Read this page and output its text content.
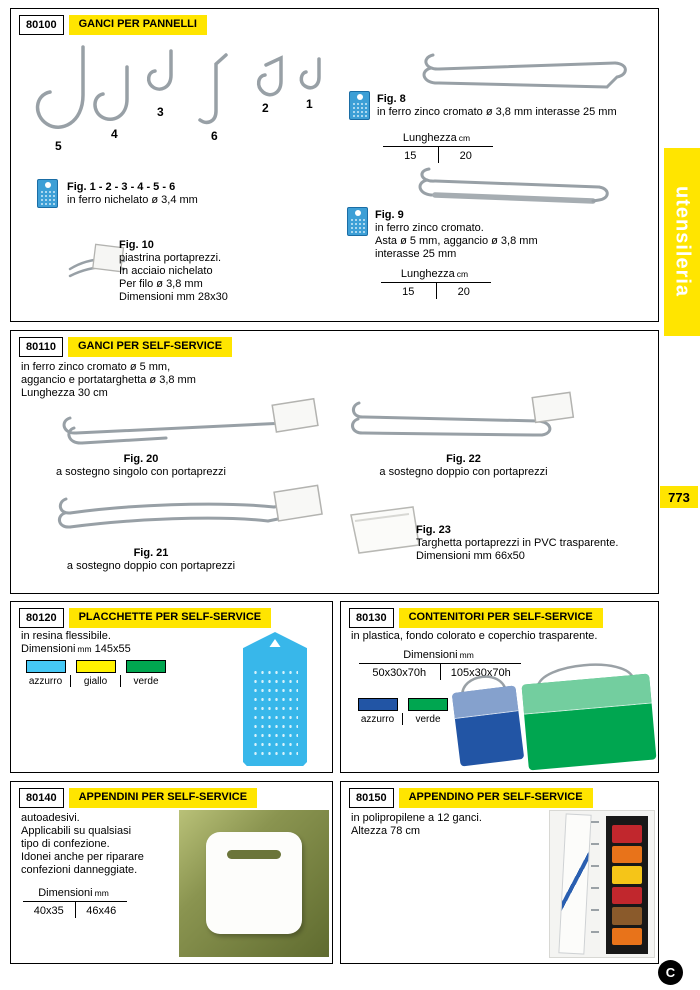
80100	GANCI PER PANNELLI
5
4
3
6
2	1
Fig. 1 - 2 - 3 - 4 - 5 - 6
in ferro nichelato ø 3,4 mm
Fig. 10
piastrina portaprezzi.
In acciaio nichelato
Per filo ø 3,8 mm
Dimensioni mm 28x30
Fig. 8
in ferro zinco cromato ø 3,8 mm interasse 25 mm
Lunghezza cm
15	20
Fig. 9
in ferro zinco cromato.
Asta ø 5 mm, aggancio ø 3,8 mm
interasse 25 mm
Lunghezza cm
15	20
80110	GANCI PER SELF-SERVICE
in ferro zinco cromato ø 5 mm,
aggancio e portatarghetta ø 3,8 mm
Lunghezza 30 cm
Fig. 20
a sostegno singolo con portaprezzi
Fig. 22
a sostegno doppio con portaprezzi
Fig. 21
a sostegno doppio con portaprezzi
Fig. 23
Targhetta portaprezzi in PVC trasparente.
Dimensioni mm 66x50
80120	PLACCHETTE PER SELF-SERVICE
in resina flessibile.
Dimensioni mm 145x55
azzurro	giallo	verde
80130	CONTENITORI PER SELF-SERVICE
in plastica, fondo colorato e coperchio trasparente.
Dimensioni mm
50x30x70h	105x30x70h
azzurro	verde
80140	APPENDINI PER SELF-SERVICE
autoadesivi.
Applicabili su qualsiasi
tipo di confezione.
Idonei anche per riparare
confezioni danneggiate.
Dimensioni mm
40x35	46x46
80150	APPENDINO PER SELF-SERVICE
in polipropilene a 12 ganci.
Altezza 78 cm
utensileria
773
C
